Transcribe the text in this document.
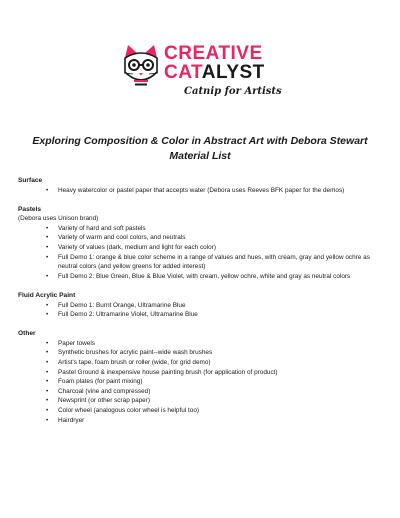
CREATIVE
CATALYST
Catnip for Artists
Exploring Composition & Color in Abstract Art with Debora Stewart
Material List
Surface
• Heavy watercolor or pastel paper that accepts water (Debora uses Reeves BFK paper for the demos)
Pastels
(Debora uses Unison brand)
• Variety of hard and soft pastels
• Variety of warm and cool colors, and neutrals
• Variety of values (dark, medium and light for each color)
• Full Demo 1: orange & blue color scheme in a range of values and hues, with cream, gray and yellow ochre as neutral colors (and yellow greens for added interest)
• Full Demo 2: Blue Green, Blue & Blue Violet, with cream, yellow ochre, white and gray as neutral colors
Fluid Acrylic Paint
• Full Demo 1: Burnt Orange, Ultramarine Blue
• Full Demo 2: Ultramarine Violet, Ultramarine Blue
Other
• Paper towels
• Synthetic brushes for acrylic paint--wide wash brushes
• Artist's tape, foam brush or roller (wide, for grid demo)
• Pastel Ground & inexpensive house painting brush (for application of product)
• Foam plates (for paint mixing)
• Charcoal (vine and compressed)
• Newsprint (or other scrap paper)
• Color wheel (analogous color wheel is helpful too)
• Hairdryer
